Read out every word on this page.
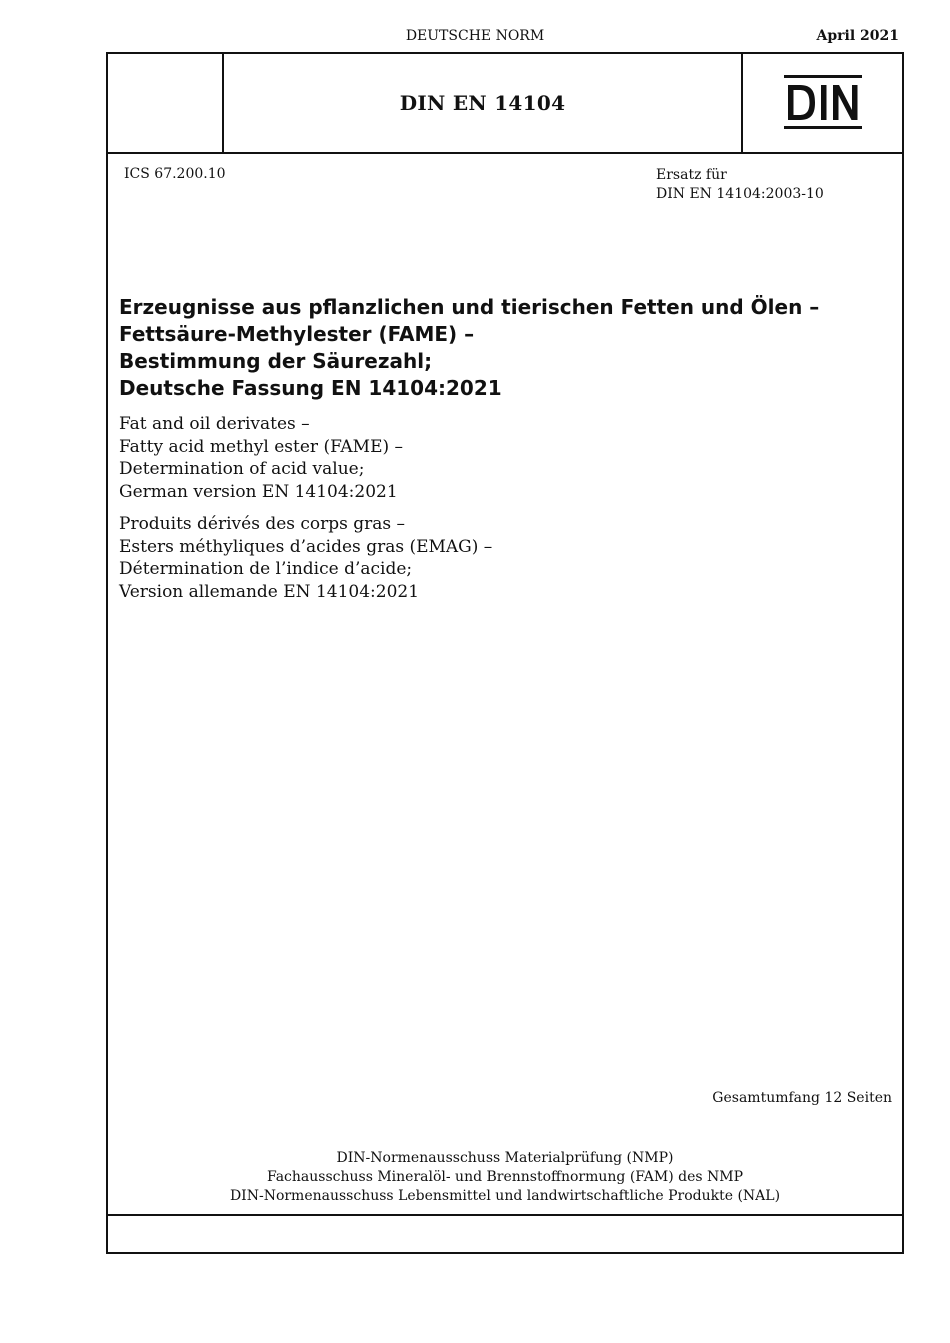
DEUTSCHE NORM	April 2021
DIN EN 14104
ICS 67.200.10	Ersatz für
DIN EN 14104:2003-10
Erzeugnisse aus pflanzlichen und tierischen Fetten und Ölen –
Fettsäure-Methylester (FAME) –
Bestimmung der Säurezahl;
Deutsche Fassung EN 14104:2021
Fat and oil derivates –
Fatty acid methyl ester (FAME) –
Determination of acid value;
German version EN 14104:2021
Produits dérivés des corps gras –
Esters méthyliques d’acides gras (EMAG) –
Détermination de l’indice d’acide;
Version allemande EN 14104:2021
Gesamtumfang 12 Seiten
DIN-Normenausschuss Materialprüfung (NMP)
Fachausschuss Mineralöl- und Brennstoffnormung (FAM) des NMP
DIN-Normenausschuss Lebensmittel und landwirtschaftliche Produkte (NAL)
